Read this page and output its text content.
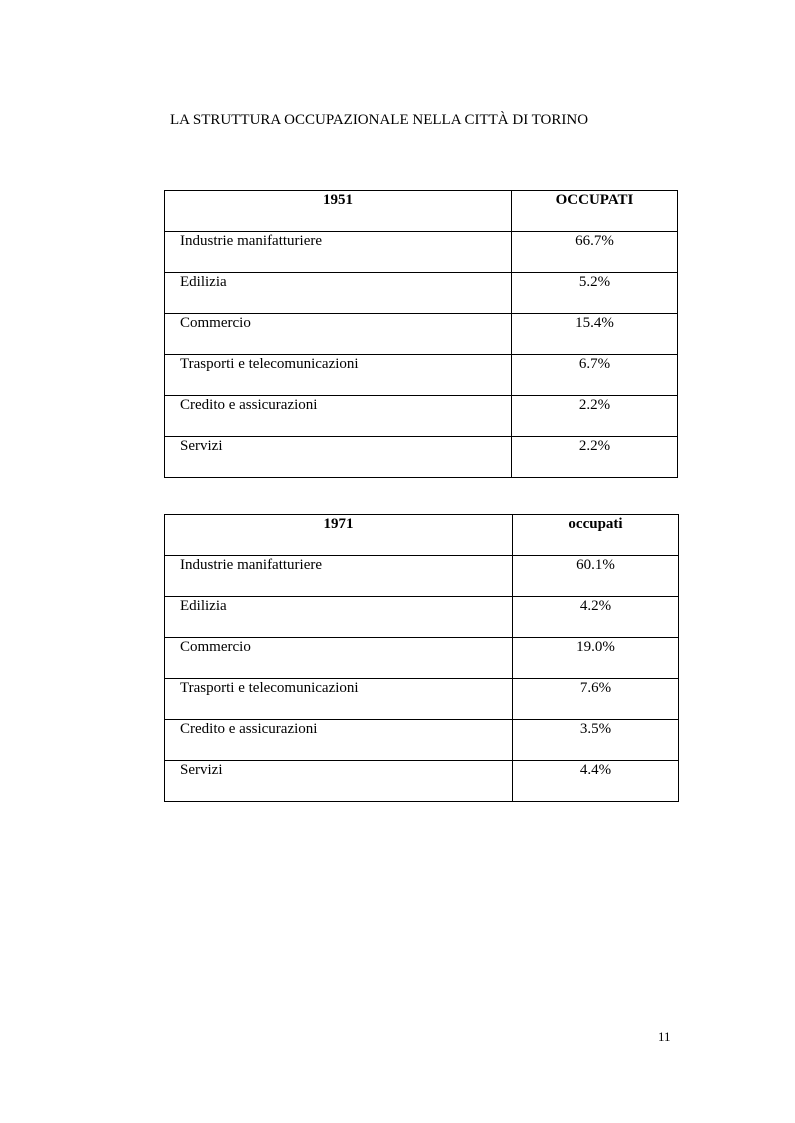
LA STRUTTURA OCCUPAZIONALE NELLA CITTÀ DI TORINO
1951	OCCUPATI
Industrie manifatturiere	66.7%
Edilizia	5.2%
Commercio	15.4%
Trasporti e telecomunicazioni	6.7%
Credito e assicurazioni	2.2%
Servizi	2.2%
1971	occupati
Industrie manifatturiere	60.1%
Edilizia	4.2%
Commercio	19.0%
Trasporti e telecomunicazioni	7.6%
Credito e assicurazioni	3.5%
Servizi	4.4%
11
